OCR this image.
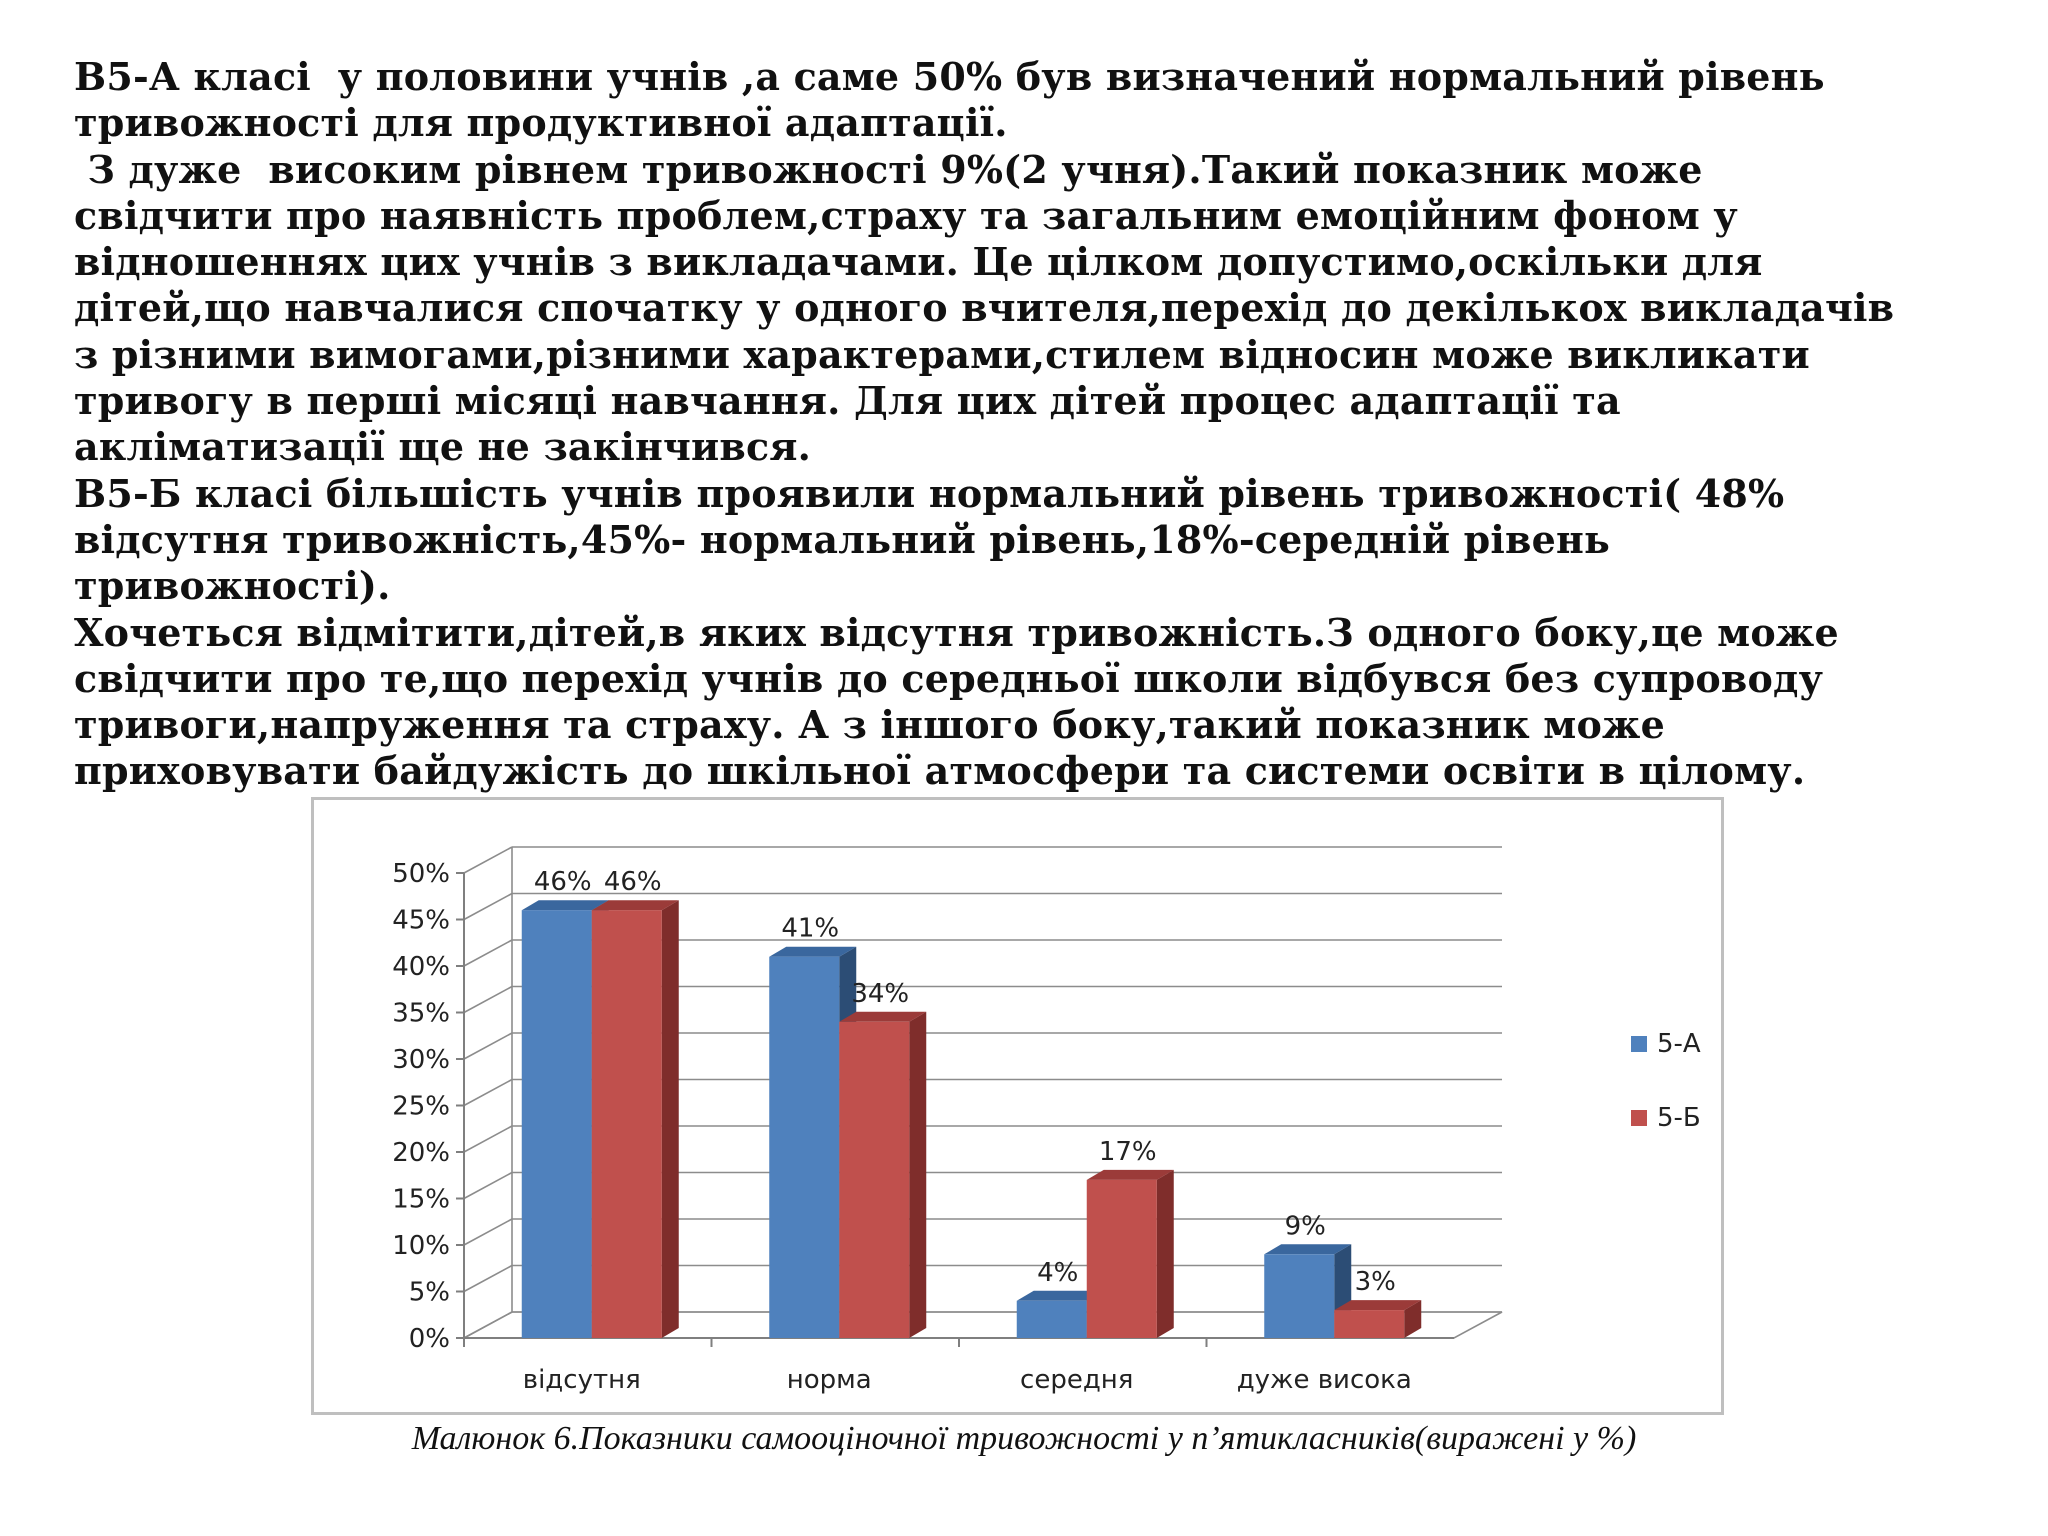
В5-А класі  у половини учнів ,а саме 50% був визначений нормальний рівень
тривожності для продуктивної адаптації.

З дуже  високим рівнем тривожності 9%(2 учня).Такий показник може
свідчити про наявність проблем,страху та загальним емоційним фоном у
відношеннях цих учнів з викладачами. Це цілком допустимо,оскільки для
дітей,що навчалися спочатку у одного вчителя,перехід до декількох викладачів
з різними вимогами,різними характерами,стилем відносин може викликати
тривогу в перші місяці навчання. Для цих дітей процес адаптації та
акліматизації ще не закінчився.

В5-Б класі більшість учнів проявили нормальний рівень тривожності( 48%
відсутня тривожність,45%- нормальний рівень,18%-середній рівень
тривожності).

Хочеться відмітити,дітей,в яких відсутня тривожність.З одного боку,це може
свідчити про те,що перехід учнів до середньої школи відбувся без супроводу
тривоги,напруження та страху. А з іншого боку,такий показник може
приховувати байдужість до шкільної атмосфери та системи освіти в цілому.

0%
5%
10%
15%
20%
25%
30%
35%
40%
45%
50%	46% 46%
відсутня
41%
34%
норма
4%
17%
середня
9%
3%
дуже висока
5-А
5-Б
Малюнок 6.Показники самооціночної тривожності у п’ятикласників(виражені у %)
